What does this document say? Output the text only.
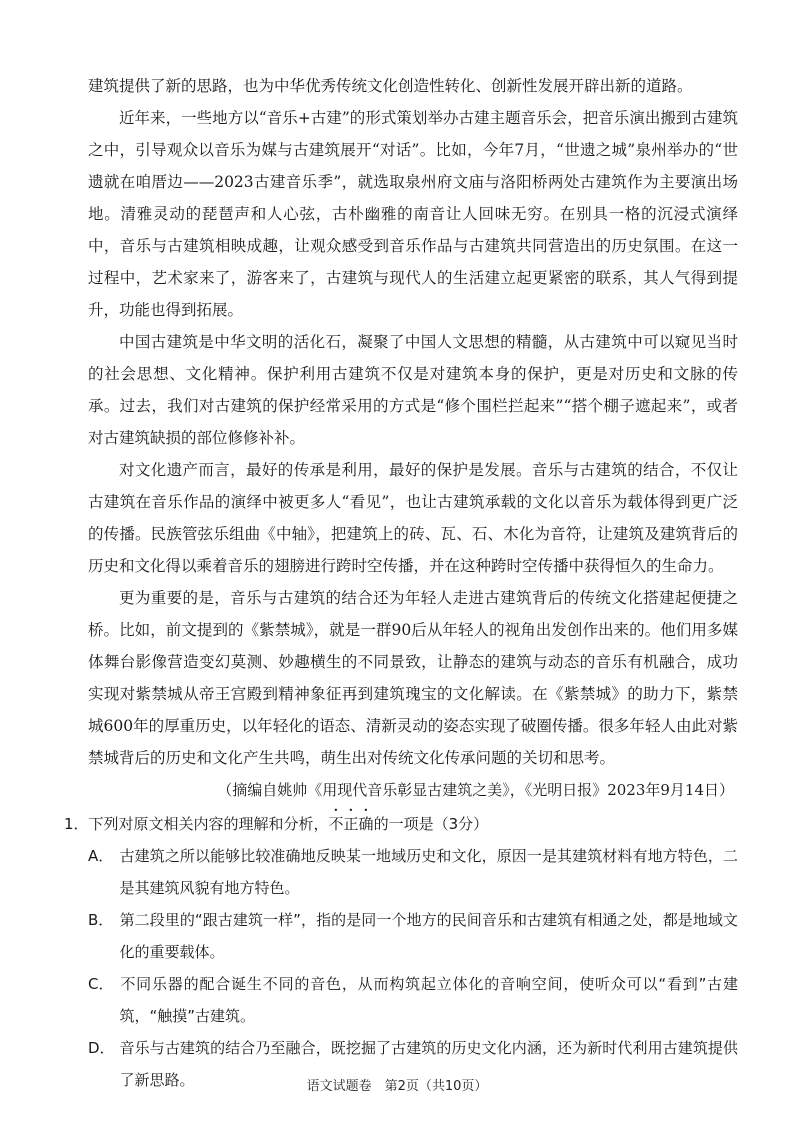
建筑提供了新的思路，也为中华优秀传统文化创造性转化、创新性发展开辟出新的道路。

近年来，一些地方以“音乐+古建”的形式策划举办古建主题音乐会，把音乐演出搬到古建筑之中，引导观众以音乐为媒与古建筑展开“对话”。比如，今年7月，“世遗之城”泉州举办的“世遗就在咱厝边——2023古建音乐季”，就选取泉州府文庙与洛阳桥两处古建筑作为主要演出场地。清雅灵动的琵琶声和人心弦，古朴幽雅的南音让人回味无穷。在别具一格的沉浸式演绎中，音乐与古建筑相映成趣，让观众感受到音乐作品与古建筑共同营造出的历史氛围。在这一过程中，艺术家来了，游客来了，古建筑与现代人的生活建立起更紧密的联系，其人气得到提升，功能也得到拓展。

中国古建筑是中华文明的活化石，凝聚了中国人文思想的精髓，从古建筑中可以窥见当时的社会思想、文化精神。保护利用古建筑不仅是对建筑本身的保护，更是对历史和文脉的传承。过去，我们对古建筑的保护经常采用的方式是“修个围栏拦起来”“搭个棚子遮起来”，或者对古建筑缺损的部位修修补补。

对文化遗产而言，最好的传承是利用，最好的保护是发展。音乐与古建筑的结合，不仅让古建筑在音乐作品的演绎中被更多人“看见”，也让古建筑承载的文化以音乐为载体得到更广泛的传播。民族管弦乐组曲《中轴》，把建筑上的砖、瓦、石、木化为音符，让建筑及建筑背后的历史和文化得以乘着音乐的翅膀进行跨时空传播，并在这种跨时空传播中获得恒久的生命力。

更为重要的是，音乐与古建筑的结合还为年轻人走进古建筑背后的传统文化搭建起便捷之桥。比如，前文提到的《紫禁城》，就是一群90后从年轻人的视角出发创作出来的。他们用多媒体舞台影像营造变幻莫测、妙趣横生的不同景致，让静态的建筑与动态的音乐有机融合，成功实现对紫禁城从帝王宫殿到精神象征再到建筑瑰宝的文化解读。在《紫禁城》的助力下，紫禁城600年的厚重历史，以年轻化的语态、清新灵动的姿态实现了破圈传播。很多年轻人由此对紫禁城背后的历史和文化产生共鸣，萌生出对传统文化传承问题的关切和思考。

（摘编自姚帅《用现代音乐彰显古建筑之美》，《光明日报》2023年9月14日）

1．下列对原文相关内容的理解和分析，不正确的一项是（3分）

A． 古建筑之所以能够比较准确地反映某一地域历史和文化，原因一是其建筑材料有地方特色，二是其建筑风貌有地方特色。

B． 第二段里的“跟古建筑一样”，指的是同一个地方的民间音乐和古建筑有相通之处，都是地域文化的重要载体。

C． 不同乐器的配合诞生不同的音色，从而构筑起立体化的音响空间，使听众可以“看到”古建筑，“触摸”古建筑。

D． 音乐与古建筑的结合乃至融合，既挖掘了古建筑的历史文化内涵，还为新时代利用古建筑提供了新思路。	语文试题卷　第2页（共10页）
